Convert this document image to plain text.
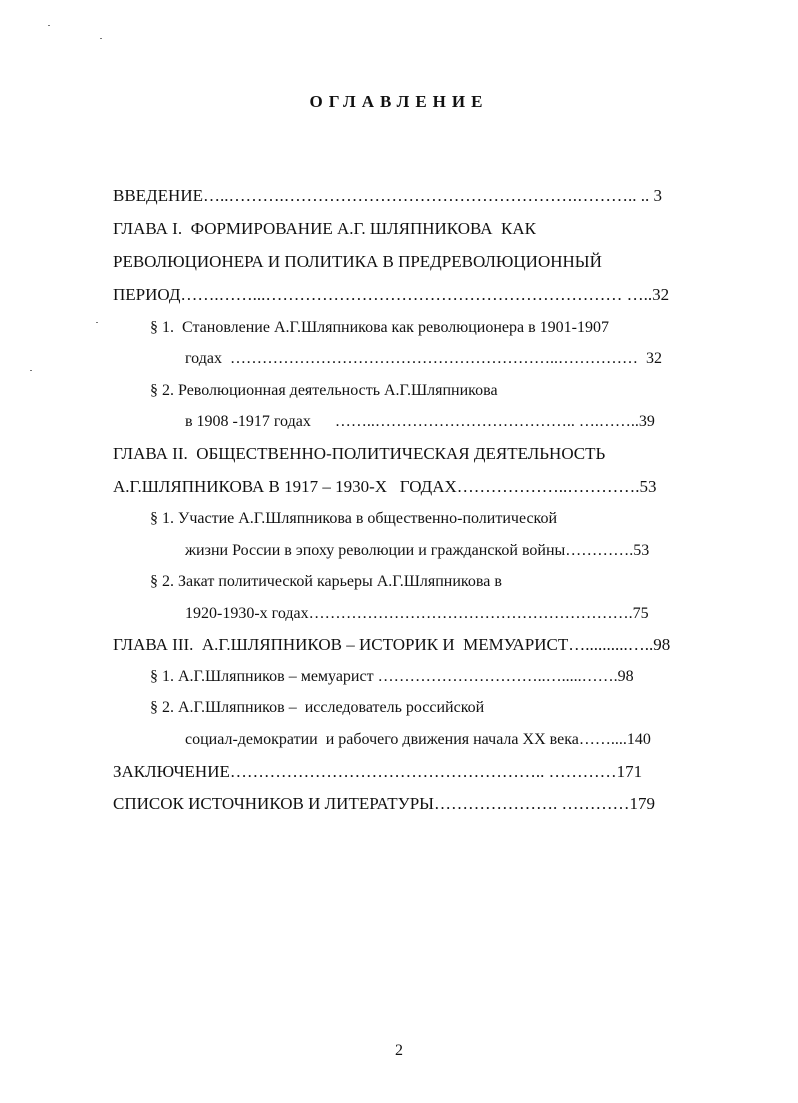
ОГЛАВЛЕНИЕ
ВВЕДЕНИЕ…..……….…………………………………………….……….. .. 3
ГЛАВА I.  ФОРМИРОВАНИЕ А.Г. ШЛЯПНИКОВА  КАК
РЕВОЛЮЦИОНЕРА И ПОЛИТИКА В ПРЕДРЕВОЛЮЦИОННЫЙ
ПЕРИОД…….……...……………………………………………………… …..32
§ 1.  Становление А.Г.Шляпникова как революционера в 1901-1907
годах  ……………………………………………………..……………  32
§ 2. Революционная деятельность А.Г.Шляпникова
в 1908 -1917 годах      ……..……………………………….. ….……..39
ГЛАВА II.  ОБЩЕСТВЕННО-ПОЛИТИЧЕСКАЯ ДЕЯТЕЛЬНОСТЬ
А.Г.ШЛЯПНИКОВА В 1917 – 1930-Х   ГОДАХ………………..………….53
§ 1. Участие А.Г.Шляпникова в общественно-политической
жизни России в эпоху революции и гражданской войны………….53
§ 2. Закат политической карьеры А.Г.Шляпникова в
1920-1930-х годах…………………………………………………….75
ГЛАВА III.  А.Г.ШЛЯПНИКОВ – ИСТОРИК И  МЕМУАРИСТ…..........…..98
§ 1. А.Г.Шляпников – мемуарист …………………………..….....…….98
§ 2. А.Г.Шляпников –  исследователь российской
социал-демократии  и рабочего движения начала XX века……....140
ЗАКЛЮЧЕНИЕ……………………………………………….. …………171
СПИСОК ИСТОЧНИКОВ И ЛИТЕРАТУРЫ…………………. …………179
2
